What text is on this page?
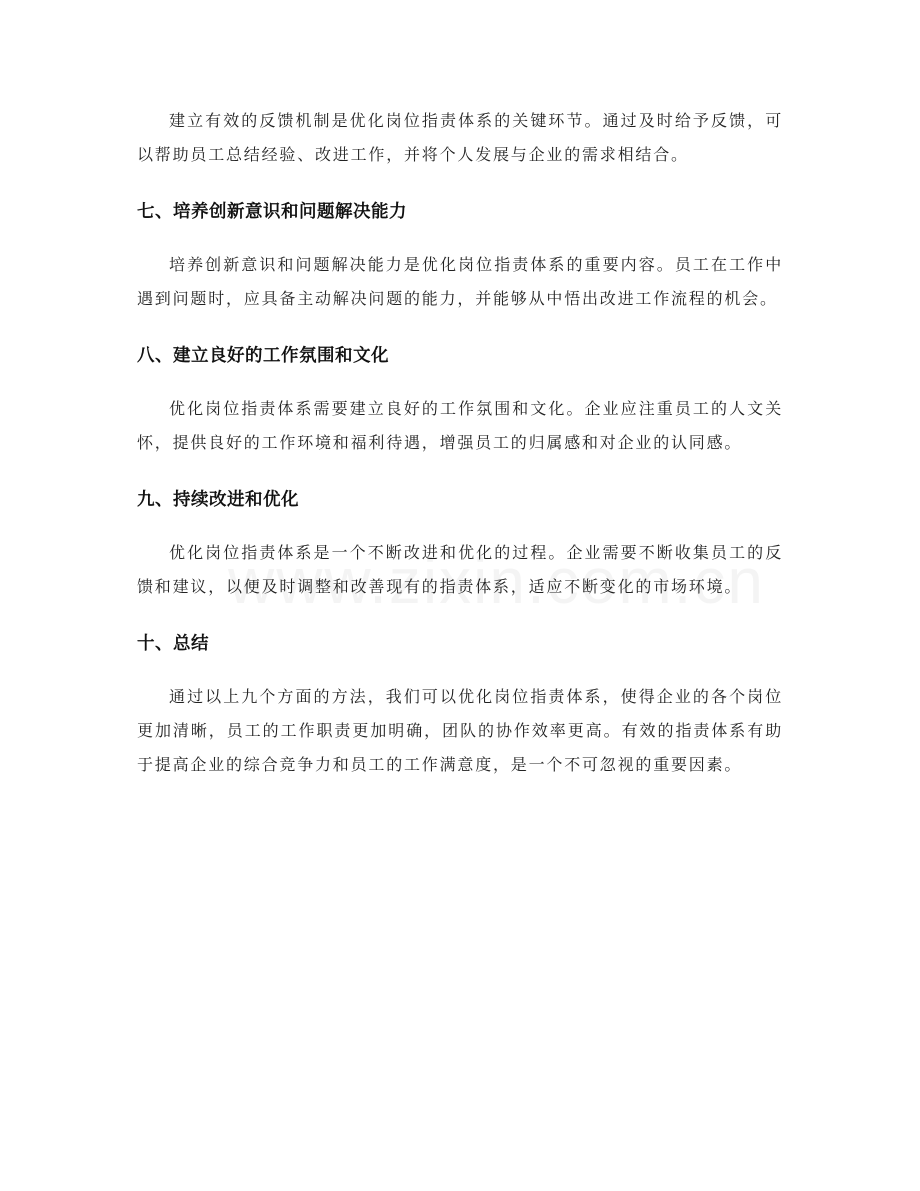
建立有效的反馈机制是优化岗位指责体系的关键环节。通过及时给予反馈，可以帮助员工总结经验、改进工作，并将个人发展与企业的需求相结合。

七、培养创新意识和问题解决能力

培养创新意识和问题解决能力是优化岗位指责体系的重要内容。员工在工作中遇到问题时，应具备主动解决问题的能力，并能够从中悟出改进工作流程的机会。

八、建立良好的工作氛围和文化

优化岗位指责体系需要建立良好的工作氛围和文化。企业应注重员工的人文关怀，提供良好的工作环境和福利待遇，增强员工的归属感和对企业的认同感。

九、持续改进和优化

优化岗位指责体系是一个不断改进和优化的过程。企业需要不断收集员工的反馈和建议，以便及时调整和改善现有的指责体系，适应不断变化的市场环境。

十、总结

通过以上九个方面的方法，我们可以优化岗位指责体系，使得企业的各个岗位更加清晰，员工的工作职责更加明确，团队的协作效率更高。有效的指责体系有助于提高企业的综合竞争力和员工的工作满意度，是一个不可忽视的重要因素。
